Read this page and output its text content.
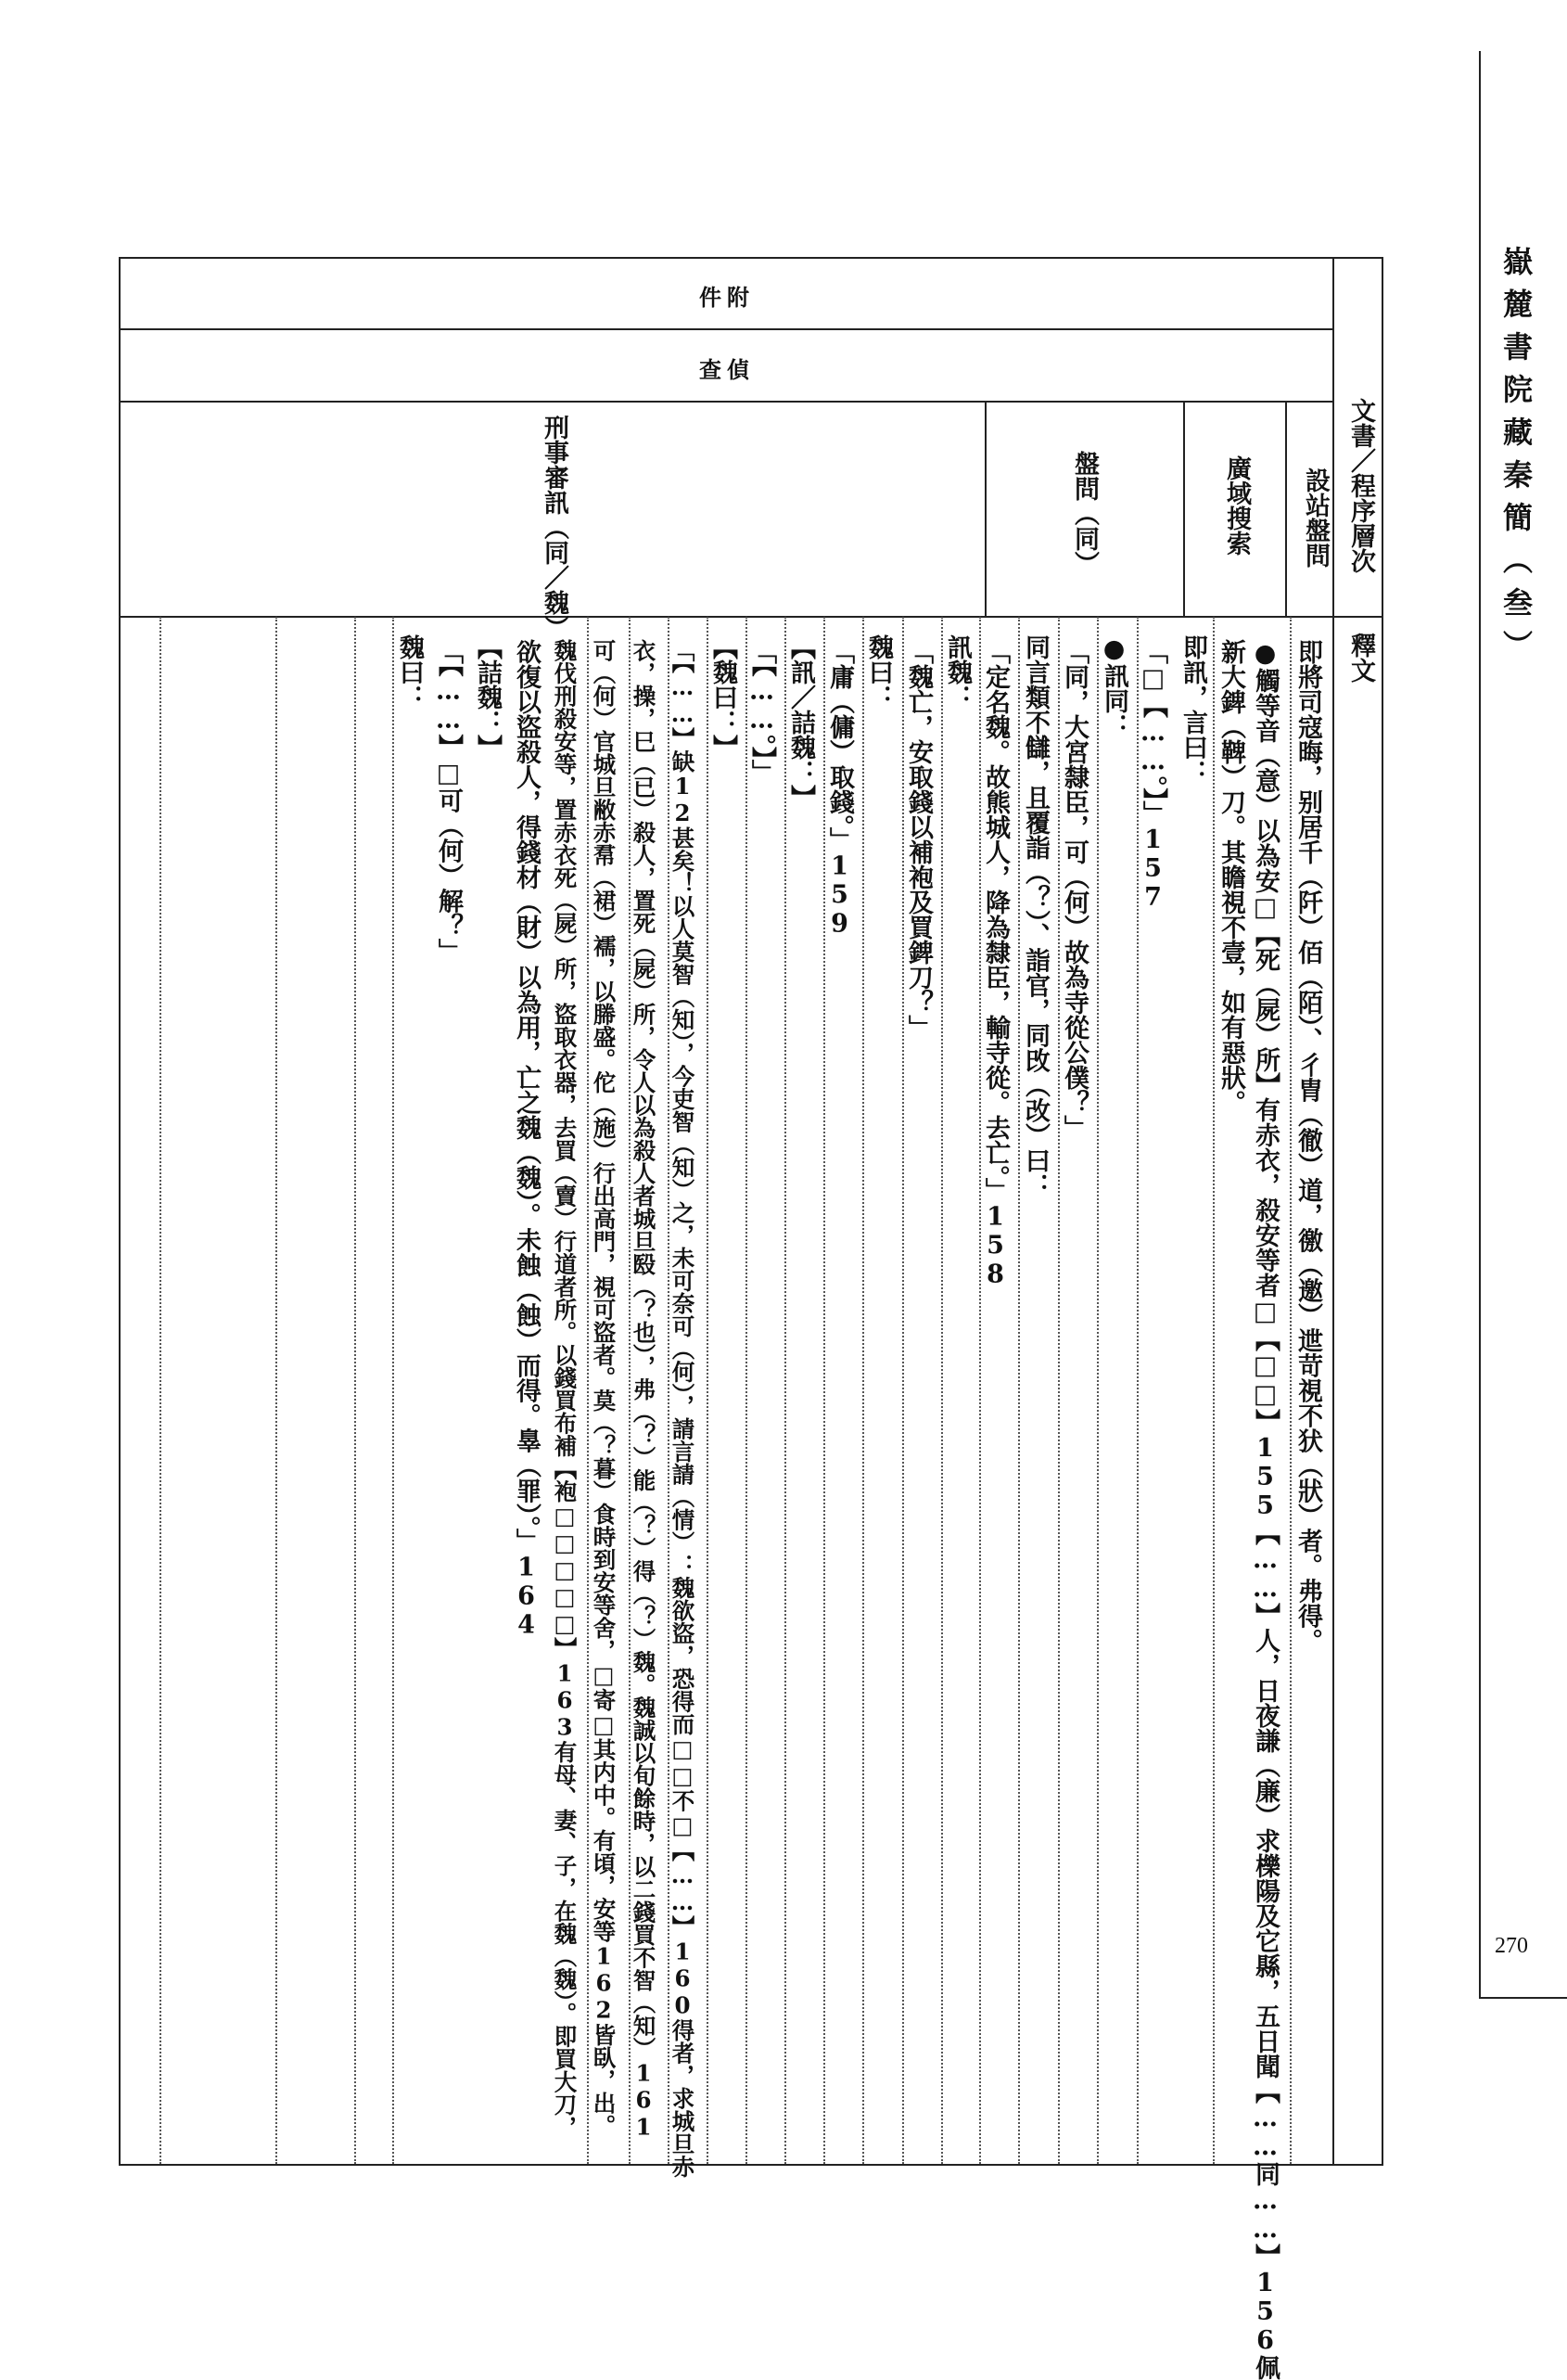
嶽麓書院藏秦簡（叁）
270
文書／程序層次
釋文
件附
查偵
刑事審訊（同／魏）	盤問（同）	廣域搜索 設站盤問
即將司寇晦，别居千（阡）佰（陌）、彳胄（徹）道，徼（邀）迣苛視不犾（狀）者。弗得。
●觸等音（意）以為安□【死（屍）所】有赤衣，殺安等者□【□□】155【……】人，日夜謙（廉）求櫟陽及它縣，五日聞【……同……】156佩
新大錍（鞞）刀。其瞻視不壹，如有惡狀。
即訊，言曰：
「□【……。】」157
●訊同：
「同，大宮隸臣，可（何）故為寺從公僕？」
同言類不讎，且覆詣（？）、詣官，同攺（改）曰：
「定名魏。故熊城人，降為隸臣，輸寺從。去亡。」158
訊魏：
「魏亡，安取錢以補袍及買錍刀？」
魏曰：
「庸（傭）取錢。」159
【訊／詰魏：】
「【……。】」
【魏曰：】
「【……】缺12甚矣！以人莫智（知），今吏智（知）之，未可奈可（何），請言請（情）：魏欲盜，恐得而□□不□【……】160得者，求城旦赤
衣，操，巳（已）殺人，置死（屍）所，令人以為殺人者城旦殹（？也），弗（？）能（？）得（？）魏。魏誠以旬餘時，以二錢買不智（知）161
可（何）官城旦敝赤帬（裙）襦，以幐盛。佗（施）行出高門，視可盜者。莫（？暮）食時到安等舍，□寄□其内中。有頃，安等162皆臥，出。
魏伐刑殺安等，置赤衣死（屍）所，盜取衣器，去買（賣）行道者所。以錢買布補【袍□□□□□】163有母、妻、子，在魏（魏）。即買大刀，
欲復以盜殺人，得錢材（財）以為用，亡之魏（魏）。未蝕（蝕）而得。辠（罪）。」164
【詰魏：】
「【……】□可（何）解？」
魏曰：
